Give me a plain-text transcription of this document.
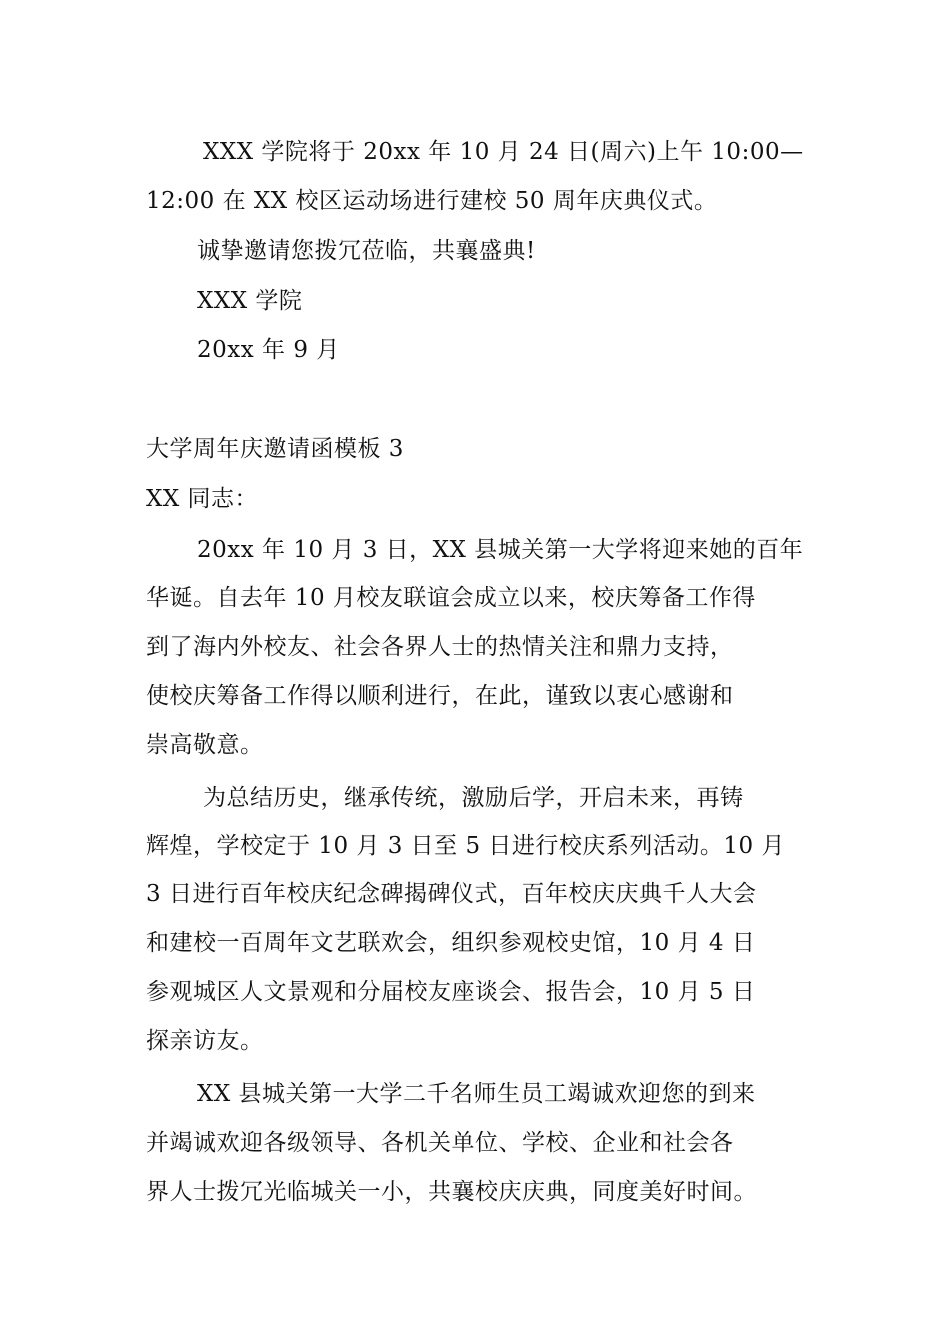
XXX 学院将于 20xx 年 10 月 24 日(周六)上午 10:00—
12:00 在 XX 校区运动场进行建校 50 周年庆典仪式。
诚挚邀请您拨冗莅临，共襄盛典!
XXX 学院
20xx 年 9 月
大学周年庆邀请函模板 3
XX 同志：
20xx 年 10 月 3 日，XX 县城关第一大学将迎来她的百年
华诞。自去年 10 月校友联谊会成立以来，校庆筹备工作得
到了海内外校友、社会各界人士的热情关注和鼎力支持，
使校庆筹备工作得以顺利进行，在此，谨致以衷心感谢和
崇高敬意。
为总结历史，继承传统，激励后学，开启未来，再铸
辉煌，学校定于 10 月 3 日至 5 日进行校庆系列活动。10 月
3 日进行百年校庆纪念碑揭碑仪式，百年校庆庆典千人大会
和建校一百周年文艺联欢会，组织参观校史馆，10 月 4 日
参观城区人文景观和分届校友座谈会、报告会，10 月 5 日
探亲访友。
XX 县城关第一大学二千名师生员工竭诚欢迎您的到来
并竭诚欢迎各级领导、各机关单位、学校、企业和社会各
界人士拨冗光临城关一小，共襄校庆庆典，同度美好时间。
